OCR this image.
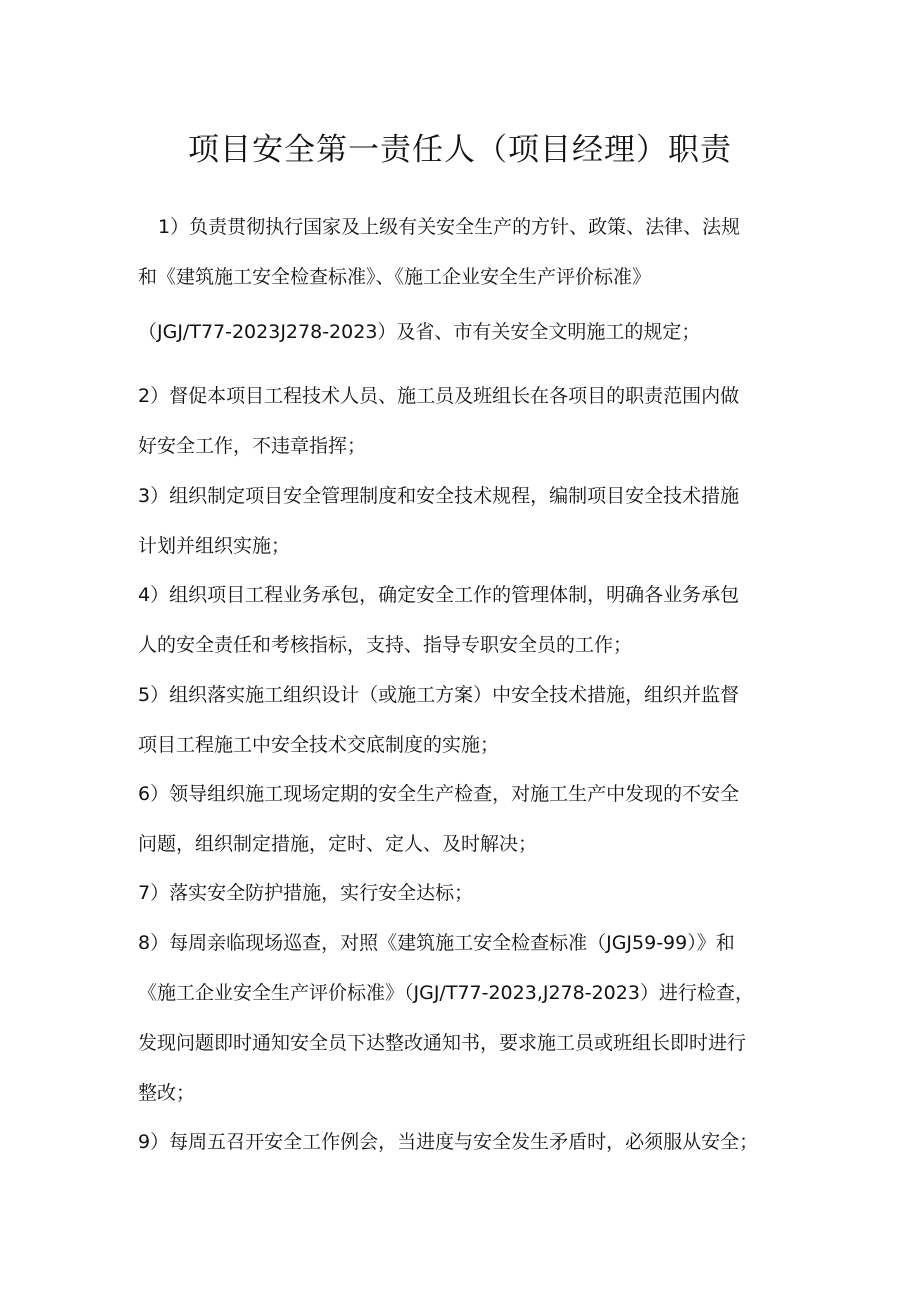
项目安全第一责任人（项目经理）职责

1）负责贯彻执行国家及上级有关安全生产的方针、政策、法律、法规
和《建筑施工安全检查标准》、《施工企业安全生产评价标准》
（JGJ/T77-2023J278-2023）及省、市有关安全文明施工的规定；

2）督促本项目工程技术人员、施工员及班组长在各项目的职责范围内做
好安全工作，不违章指挥；

3）组织制定项目安全管理制度和安全技术规程，编制项目安全技术措施
计划并组织实施；

4）组织项目工程业务承包，确定安全工作的管理体制，明确各业务承包
人的安全责任和考核指标，支持、指导专职安全员的工作；

5）组织落实施工组织设计（或施工方案）中安全技术措施，组织并监督
项目工程施工中安全技术交底制度的实施；

6）领导组织施工现场定期的安全生产检查，对施工生产中发现的不安全
问题，组织制定措施，定时、定人、及时解决；

7）落实安全防护措施，实行安全达标；

8）每周亲临现场巡查，对照《建筑施工安全检查标准（JGJ59-99）》和
《施工企业安全生产评价标准》（JGJ/T77-2023,J278-2023）进行检查，
发现问题即时通知安全员下达整改通知书，要求施工员或班组长即时进行
整改；

9）每周五召开安全工作例会，当进度与安全发生矛盾时，必须服从安全；
